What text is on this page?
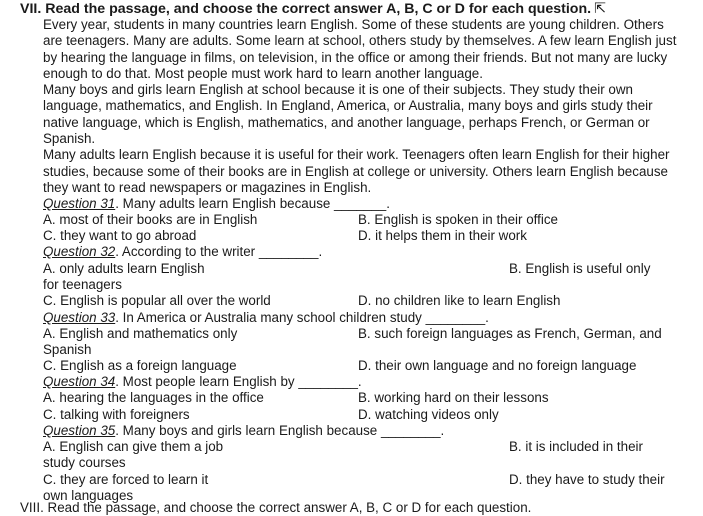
VII. Read the passage, and choose the correct answer A, B, C or D for each question. ⇱

Every year, students in many countries learn English. Some of these students are young children. Others are teenagers. Many are adults. Some learn at school, others study by themselves. A few learn English just by hearing the language in films, on television, in the office or among their friends. But not many are lucky enough to do that. Most people must work hard to learn another language.

Many boys and girls learn English at school because it is one of their subjects. They study their own language, mathematics, and English. In England, America, or Australia, many boys and girls study their native language, which is English, mathematics, and another language, perhaps French, or German or Spanish.

Many adults learn English because it is useful for their work. Teenagers often learn English for their higher studies, because some of their books are in English at college or university. Others learn English because they want to read newspapers or magazines in English.

Question 31. Many adults learn English because _______.
A. most of their books are in English	B. English is spoken in their office
C. they want to go abroad	D. it helps them in their work
Question 32. According to the writer ________.
A. only adults learn English	B. English is useful only
for teenagers
C. English is popular all over the world	D. no children like to learn English
Question 33. In America or Australia many school children study ________.
A. English and mathematics only	B. such foreign languages as French, German, and
Spanish
C. English as a foreign language	D. their own language and no foreign language
Question 34. Most people learn English by ________.
A. hearing the languages in the office	B. working hard on their lessons
C. talking with foreigners	D. watching videos only
Question 35. Many boys and girls learn English because ________.
A. English can give them a job	B. it is included in their
study courses
C. they are forced to learn it	D. they have to study their
own languages
VIII. Read the passage, and choose the correct answer A, B, C or D for each question.
